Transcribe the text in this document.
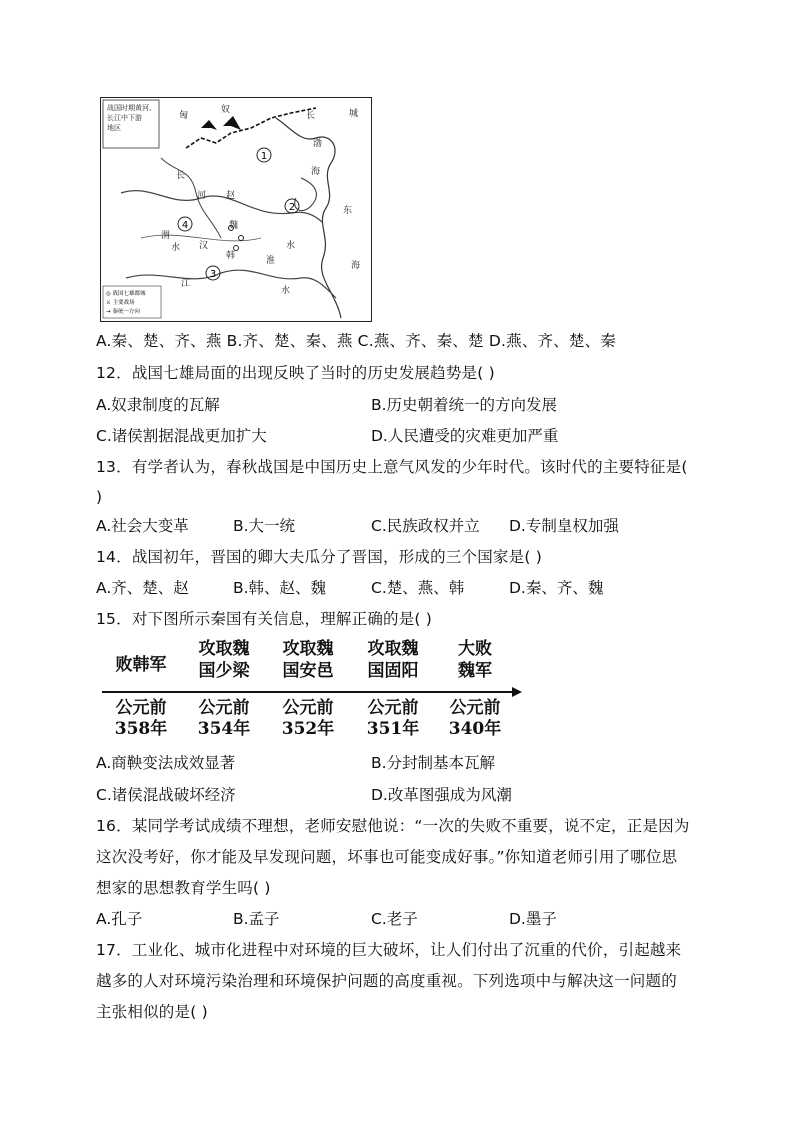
战国时期黄河、
长江中下游
地区
1
2
3
4
匈
奴	城
长
渤
海
东
海
赵
魏
韩
河
渭
水 汉
江
淮
水
水
长
◎ 战国七雄都城
⚔ 主要战场
→ 秦统一方向
A.秦、楚、齐、燕 B.齐、楚、秦、燕 C.燕、齐、秦、楚 D.燕、齐、楚、秦
12．战国七雄局面的出现反映了当时的历史发展趋势是( )
A.奴隶制度的瓦解	B.历史朝着统一的方向发展
C.诸侯割据混战更加扩大	D.人民遭受的灾难更加严重
13．有学者认为，春秋战国是中国历史上意气风发的少年时代。该时代的主要特征是(
)
A.社会大变革	B.大一统	C.民族政权并立 D.专制皇权加强
14．战国初年，晋国的卿大夫瓜分了晋国，形成的三个国家是( )
A.齐、楚、赵	B.韩、赵、魏	C.楚、燕、韩	D.秦、齐、魏
15．对下图所示秦国有关信息，理解正确的是( )
败韩军
公元前
358年
攻取魏
国少梁
公元前
354年
攻取魏
国安邑
公元前
352年
攻取魏
国固阳
公元前
351年
大败
魏军
公元前
340年
A.商鞅变法成效显著	B.分封制基本瓦解
C.诸侯混战破坏经济	D.改革图强成为风潮
16．某同学考试成绩不理想，老师安慰他说：“一次的失败不重要，说不定，正是因为
这次没考好，你才能及早发现问题，坏事也可能变成好事。”你知道老师引用了哪位思
想家的思想教育学生吗( )
A.孔子	B.孟子	C.老子	D.墨子
17．工业化、城市化进程中对环境的巨大破坏，让人们付出了沉重的代价，引起越来
越多的人对环境污染治理和环境保护问题的高度重视。下列选项中与解决这一问题的
主张相似的是( )
